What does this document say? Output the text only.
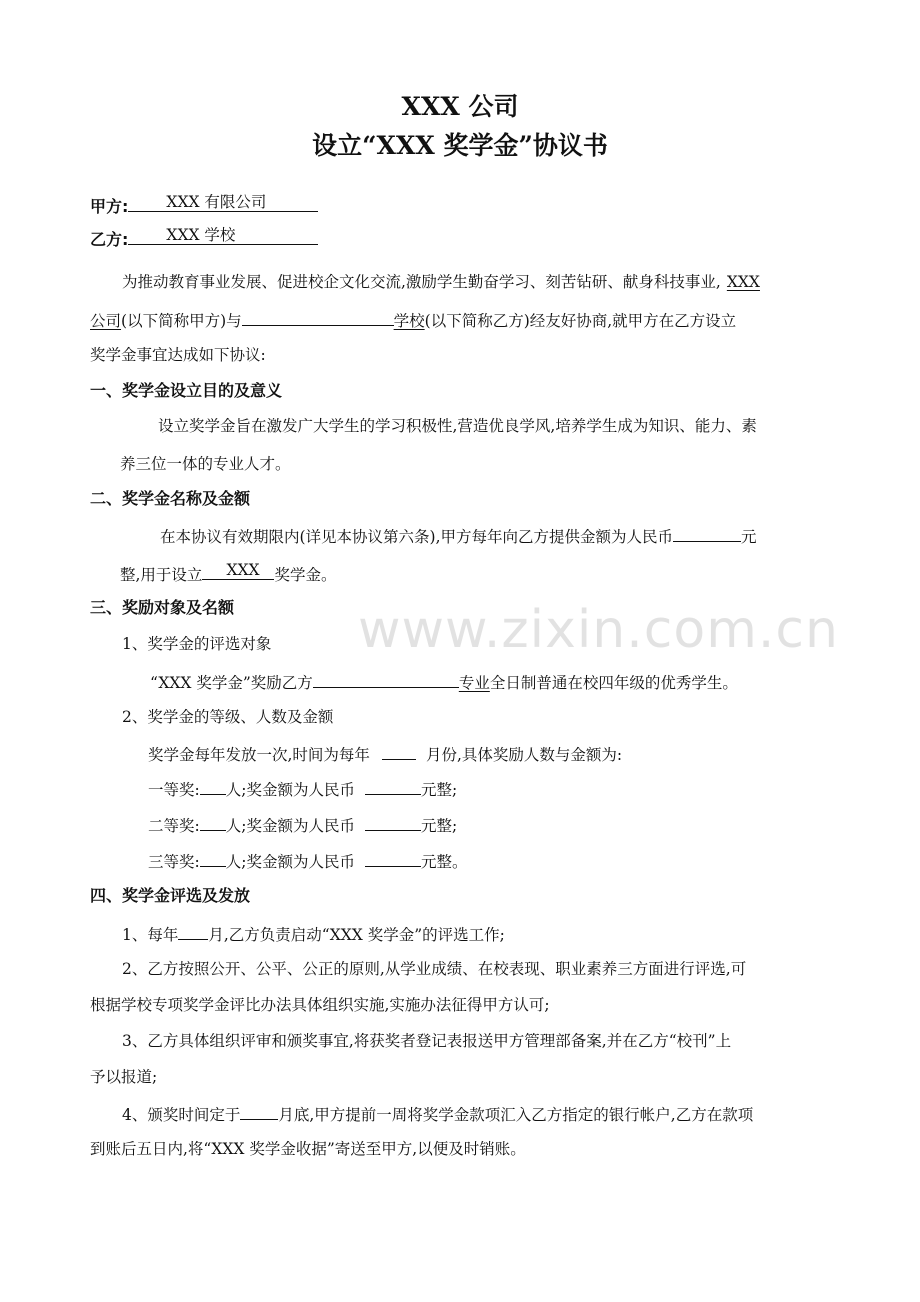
XXX 公司
设立“XXX 奖学金”协议书
甲方: XXX 有限公司
乙方: XXX 学校
为推动教育事业发展、促进校企文化交流,激励学生勤奋学习、刻苦钻研、献身科技事业, XXX
公司(以下简称甲方)与	学校(以下简称乙方)经友好协商,就甲方在乙方设立
奖学金事宜达成如下协议:
一、奖学金设立目的及意义
设立奖学金旨在激发广大学生的学习积极性,营造优良学风,培养学生成为知识、能力、素
养三位一体的专业人才。
二、奖学金名称及金额
在本协议有效期限内(详见本协议第六条),甲方每年向乙方提供金额为人民币	元
整,用于设立 XXX 奖学金。
三、奖励对象及名额
1、奖学金的评选对象
“XXX 奖学金”奖励乙方	专业全日制普通在校四年级的优秀学生。
2、奖学金的等级、人数及金额
奖学金每年发放一次,时间为每年	月份,具体奖励人数与金额为:
一等奖: 人;奖金额为人民币	元整;
二等奖: 人;奖金额为人民币	元整;
三等奖: 人;奖金额为人民币	元整。
四、奖学金评选及发放
1、每年 月,乙方负责启动“XXX 奖学金”的评选工作;
2、乙方按照公开、公平、公正的原则,从学业成绩、在校表现、职业素养三方面进行评选,可
根据学校专项奖学金评比办法具体组织实施,实施办法征得甲方认可;
3、乙方具体组织评审和颁奖事宜,将获奖者登记表报送甲方管理部备案,并在乙方“校刊”上
予以报道;
4、颁奖时间定于 月底,甲方提前一周将奖学金款项汇入乙方指定的银行帐户,乙方在款项
到账后五日内,将“XXX 奖学金收据”寄送至甲方,以便及时销账。
www.zixin.com.cn
